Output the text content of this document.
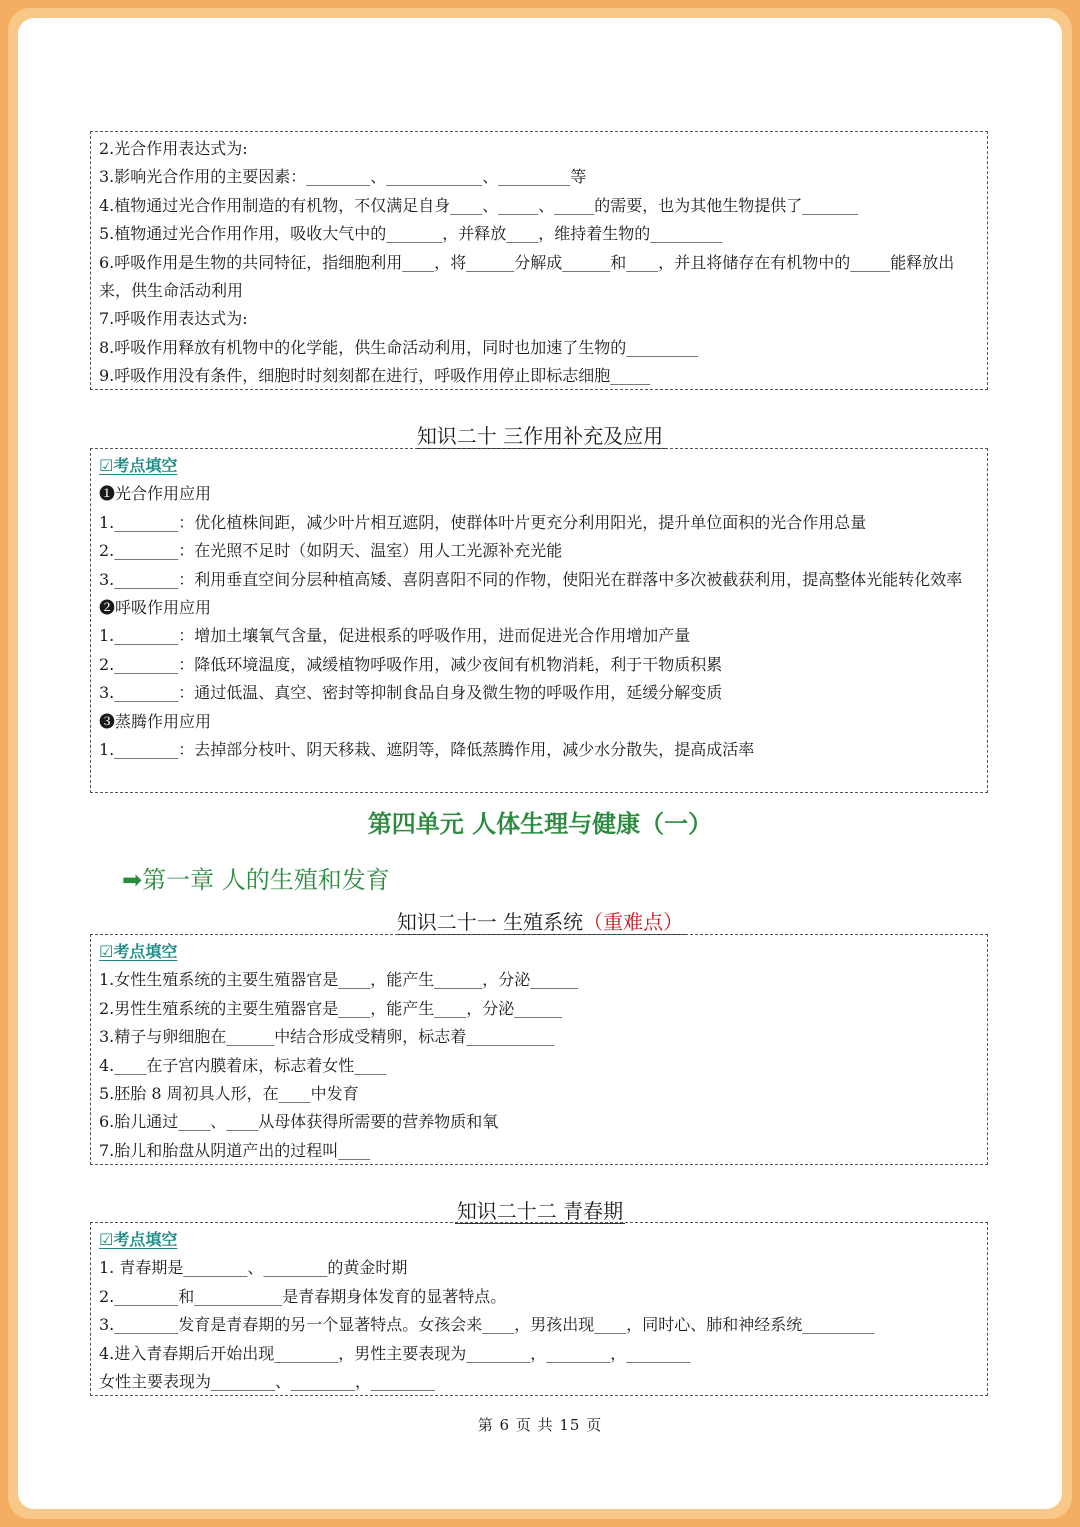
2.光合作用表达式为:
3.影响光合作用的主要因素：________、____________、_________等
4.植物通过光合作用制造的有机物，不仅满足自身____、_____、_____的需要，也为其他生物提供了_______
5.植物通过光合作用作用，吸收大气中的_______，并释放____，维持着生物的_________
6.呼吸作用是生物的共同特征，指细胞利用____，将______分解成______和____，并且将储存在有机物中的_____能释放出来，供生命活动利用
7.呼吸作用表达式为:
8.呼吸作用释放有机物中的化学能，供生命活动利用，同时也加速了生物的_________
9.呼吸作用没有条件，细胞时时刻刻都在进行，呼吸作用停止即标志细胞_____
知识二十 三作用补充及应用
☑考点填空
❶光合作用应用
1.________：优化植株间距，减少叶片相互遮阴，使群体叶片更充分利用阳光，提升单位面积的光合作用总量
2.________：在光照不足时（如阴天、温室）用人工光源补充光能
3.________：利用垂直空间分层种植高矮、喜阴喜阳不同的作物，使阳光在群落中多次被截获利用，提高整体光能转化效率
❷呼吸作用应用
1.________：增加土壤氧气含量，促进根系的呼吸作用，进而促进光合作用增加产量
2.________：降低环境温度，减缓植物呼吸作用，减少夜间有机物消耗，利于干物质积累
3.________：通过低温、真空、密封等抑制食品自身及微生物的呼吸作用，延缓分解变质
❸蒸腾作用应用
1.________：去掉部分枝叶、阴天移栽、遮阴等，降低蒸腾作用，减少水分散失，提高成活率
第四单元 人体生理与健康（一）
➡第一章 人的生殖和发育
知识二十一 生殖系统（重难点）
☑考点填空
1.女性生殖系统的主要生殖器官是____，能产生______，分泌______
2.男性生殖系统的主要生殖器官是____，能产生____，分泌______
3.精子与卵细胞在______中结合形成受精卵，标志着___________
4.____在子宫内膜着床，标志着女性____
5.胚胎 8 周初具人形，在____中发育
6.胎儿通过____、____从母体获得所需要的营养物质和氧
7.胎儿和胎盘从阴道产出的过程叫____
知识二十二 青春期
☑考点填空
1. 青春期是________、________的黄金时期
2.________和___________是青春期身体发育的显著特点。
3.________发育是青春期的另一个显著特点。女孩会来____，男孩出现____，同时心、肺和神经系统_________
4.进入青春期后开始出现________，男性主要表现为________，________，________
女性主要表现为________、________，________
第 6 页 共 15 页
